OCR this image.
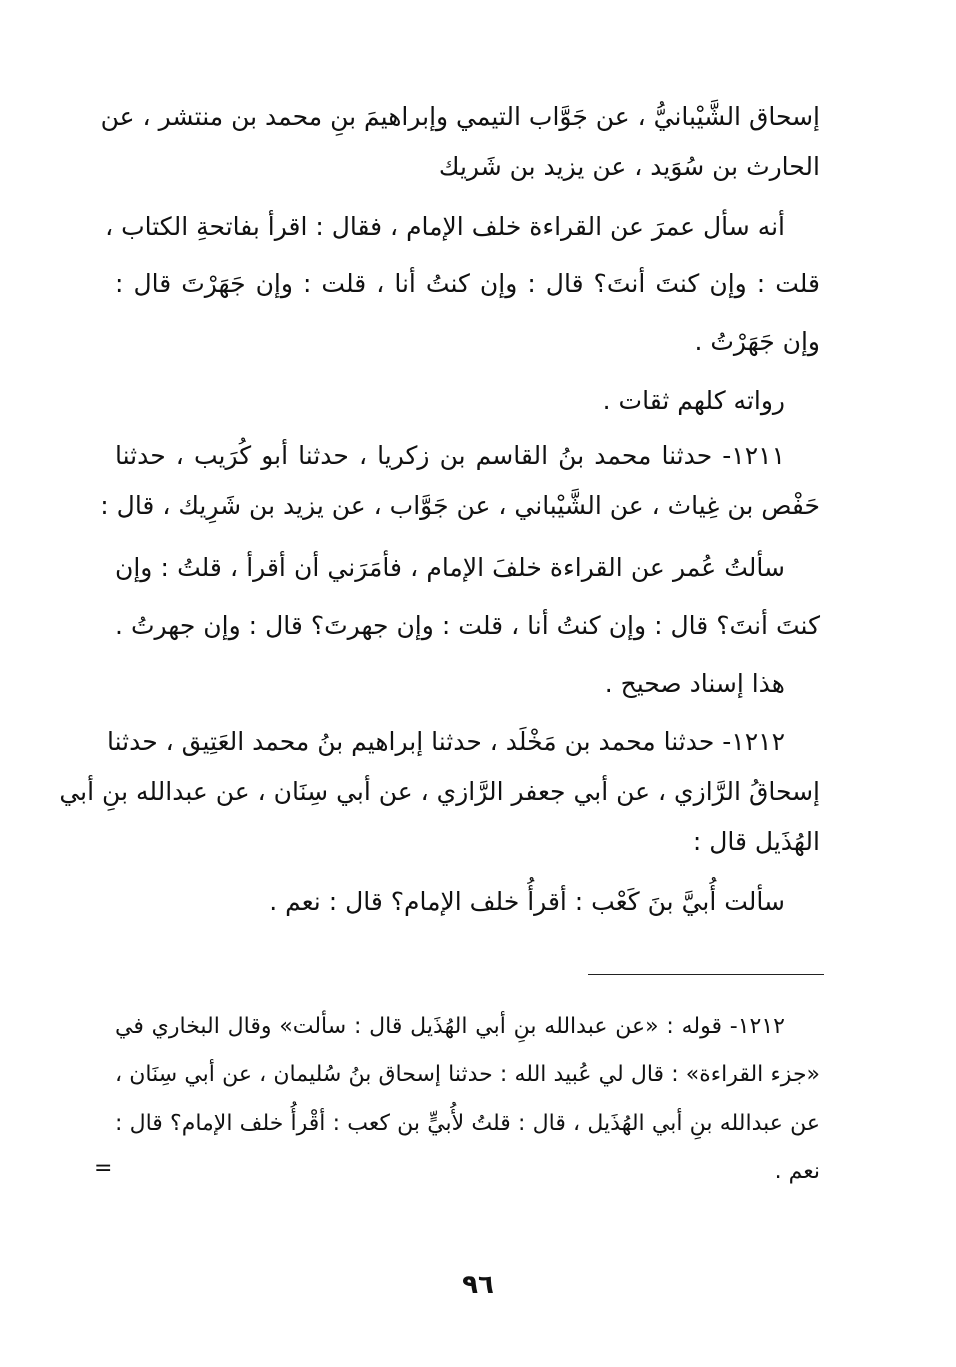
إسحاق الشَّيْبانيُّ ، عن جَوَّاب التيمي وإبراهيمَ بنِ محمد بن منتشر ، عن
الحارث بن سُوَيد ، عن يزيد بن شَريك
أنه سأل عمرَ عن القراءة خلف الإمام ، فقال : اقرأ بفاتحةِ الكتاب ،
قلت : وإن كنتَ أنتَ؟ قال : وإن كنتُ أنا ، قلت : وإن جَهَرْتَ قال :
وإن جَهَرْتُ .
رواته كلهم ثقات .
١٢١١- حدثنا محمد بنُ القاسم بن زكريا ، حدثنا أبو كُرَيب ، حدثنا
حَفْص بن غِياث ، عن الشَّيْباني ، عن جَوَّاب ، عن يزيد بن شَرِيك ، قال :
سألتُ عُمر عن القراءة خلفَ الإمام ، فأمَرَني أن أقرأ ، قلتُ : وإن
كنتَ أنتَ؟ قال : وإن كنتُ أنا ، قلت : وإن جهرتَ؟ قال : وإن جهرتُ .
هذا إسناد صحيح .
١٢١٢- حدثنا محمد بن مَخْلَد ، حدثنا إبراهيم بنُ محمد العَتِيق ، حدثنا
إسحاقُ الرَّازي ، عن أبي جعفر الرَّازي ، عن أبي سِنَان ، عن عبدالله بنِ أبي
الهُذَيل قال :
سألت أُبيَّ بنَ كَعْب : أقرأُ خلف الإمام؟ قال : نعم .
١٢١٢- قوله : «عن عبدالله بنِ أبي الهُذَيل قال : سألت» وقال البخاري في
«جزء القراءة» : قال لي عُبيد الله : حدثنا إسحاق بنُ سُليمان ، عن أبي سِنَان ،
عن عبدالله بنِ أبي الهُذَيل ، قال : قلتُ لأُبيٍّ بن كعب : أقْرأُ خلف الإمام؟ قال :
نعم .
=
٩٦
